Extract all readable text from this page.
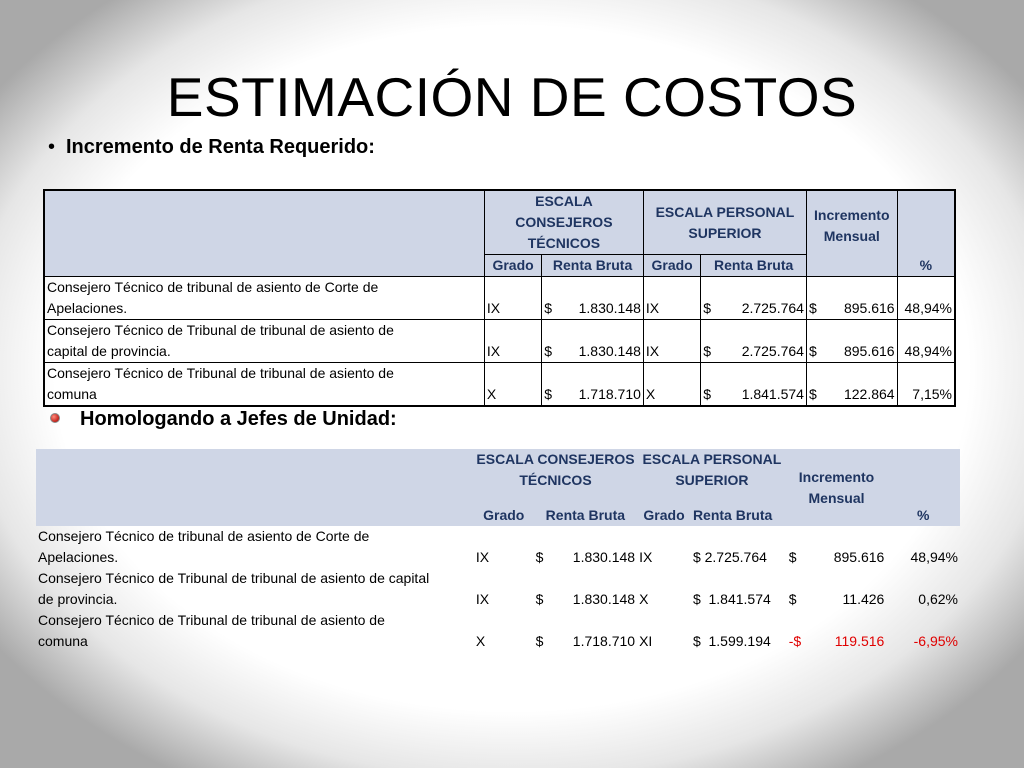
ESTIMACIÓN DE COSTOS
• Incremento de Renta Requerido:
	ESCALA CONSEJEROS TÉCNICOS		ESCALA PERSONAL SUPERIOR		Incremento Mensual	%
	Grado	Renta Bruta	Grado	Renta Bruta		
Consejero Técnico de tribunal de asiento de Corte de
Apelaciones.	IX	$ 1.830.148	IX	$ 2.725.764	$ 895.616	48,94%
Consejero Técnico de Tribunal de tribunal de asiento de
capital de provincia.	IX	$ 1.830.148	IX	$ 2.725.764	$ 895.616	48,94%
Consejero Técnico de Tribunal de tribunal de asiento de
comuna	X	$ 1.718.710	X	$ 1.841.574	$ 122.864	7,15%
Homologando a Jefes de Unidad:
	ESCALA CONSEJEROS TÉCNICOS		ESCALA PERSONAL SUPERIOR		Incremento Mensual	%
	Grado	Renta Bruta	Grado	Renta Bruta		
Consejero Técnico de tribunal de asiento de Corte de
Apelaciones.	IX	$ 1.830.148	IX	$ 2.725.764	$ 895.616	48,94%
Consejero Técnico de Tribunal de tribunal de asiento de capital
de provincia.	IX	$ 1.830.148	X	$  1.841.574	$ 11.426	0,62%
Consejero Técnico de Tribunal de tribunal de asiento de
comuna	X	$ 1.718.710	XI	$  1.599.194	-$ 119.516	-6,95%
